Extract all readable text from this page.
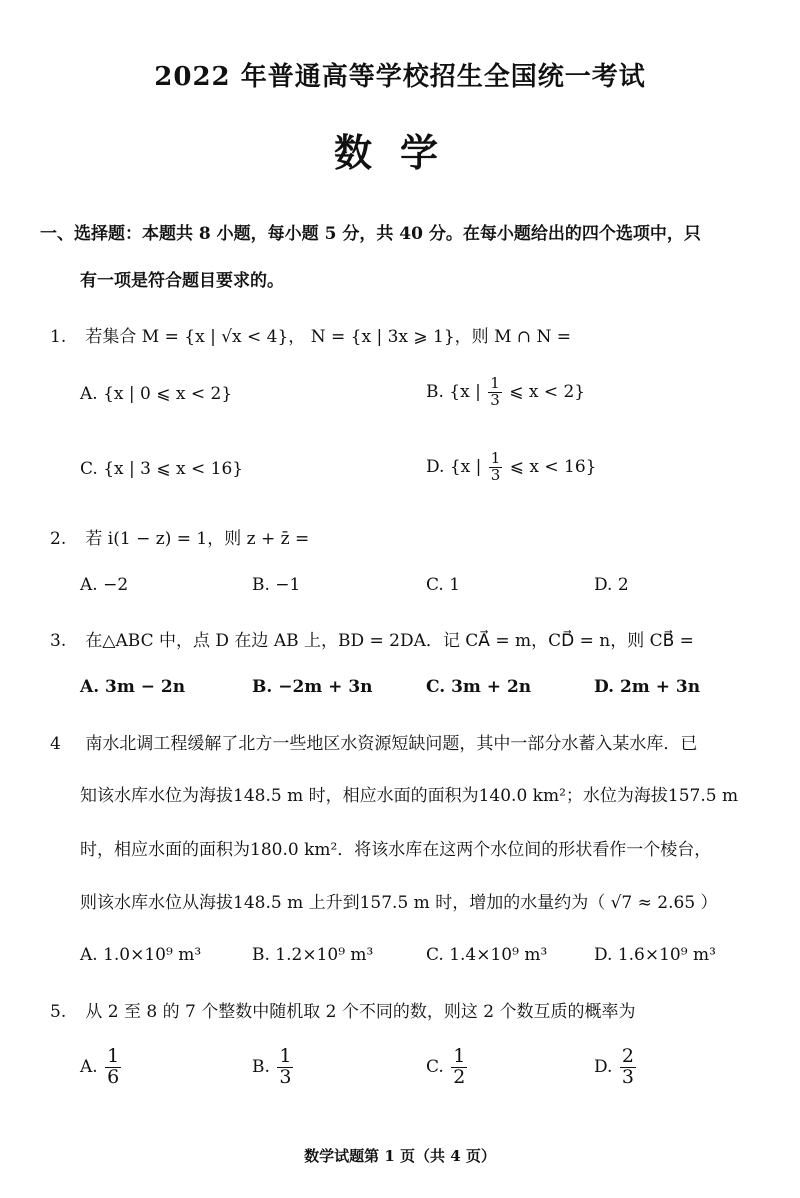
2022 年普通高等学校招生全国统一考试
数学
一、选择题：本题共 8 小题，每小题 5 分，共 40 分。在每小题给出的四个选项中，只
有一项是符合题目要求的。
1. 若集合 M = {x | √x < 4}， N = {x | 3x ⩾ 1}，则 M ∩ N =
A. {x | 0 ⩽ x < 2}	B. {x | $\frac{1}{3}$ ⩽ x < 2}
C. {x | 3 ⩽ x < 16}	D. {x | $\frac{1}{3}$ ⩽ x < 16}
2. 若 i(1 − z) = 1，则 z + z̄ =
A. −2	B. −1	C. 1	D. 2
3. 在△ABC 中，点 D 在边 AB 上，BD = 2DA．记 CA⃗ = m，CD⃗ = n，则 CB⃗ =
A. 3m − 2n	B. −2m + 3n	C. 3m + 2n	D. 2m + 3n
4 南水北调工程缓解了北方一些地区水资源短缺问题，其中一部分水蓄入某水库．已
知该水库水位为海拔148.5 m 时，相应水面的面积为140.0 km²；水位为海拔157.5 m
时，相应水面的面积为180.0 km²．将该水库在这两个水位间的形状看作一个棱台，
则该水库水位从海拔148.5 m 上升到157.5 m 时，增加的水量约为（ √7 ≈ 2.65 ）
A. 1.0×10⁹ m³	B. 1.2×10⁹ m³	C. 1.4×10⁹ m³	D. 1.6×10⁹ m³
5. 从 2 至 8 的 7 个整数中随机取 2 个不同的数，则这 2 个数互质的概率为
A. $\frac{1}{6}$	B. $\frac{1}{3}$	C. $\frac{1}{2}$	D. $\frac{2}{3}$
数学试题第 1 页（共 4 页）
